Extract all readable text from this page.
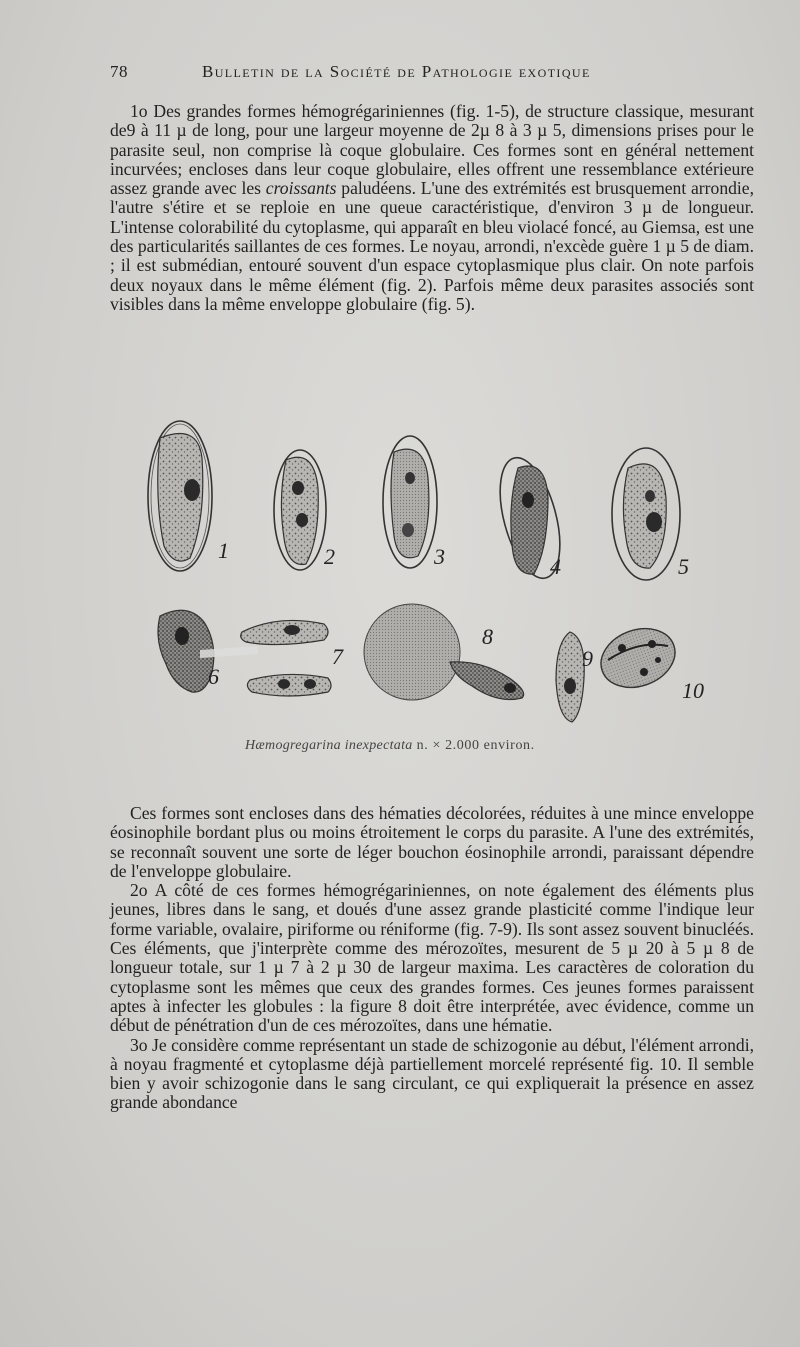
78	Bulletin de la Société de Pathologie exotique

1o Des grandes formes hémogrégariniennes (fig. 1-5), de structure classique, mesurant de9 à 11 µ de long, pour une largeur moyenne de 2µ 8 à 3 µ 5, dimensions prises pour le parasite seul, non comprise là coque globulaire. Ces formes sont en général nettement incurvées; encloses dans leur coque globulaire, elles offrent une ressemblance extérieure assez grande avec les croissants paludéens. L'une des extrémités est brusquement arrondie, l'autre s'étire et se reploie en une queue caractéristique, d'environ 3 µ de longueur. L'intense colorabilité du cytoplasme, qui apparaît en bleu violacé foncé, au Giemsa, est une des particularités saillantes de ces formes. Le noyau, arrondi, n'excède guère 1 µ 5 de diam. ; il est submédian, entouré souvent d'un espace cytoplasmique plus clair. On note parfois deux noyaux dans le même élément (fig. 2). Parfois même deux parasites associés sont visibles dans la même enveloppe globulaire (fig. 5).

1	2	3	4	5
6
7
8
9
10
Hæmogregarina inexpectata n. × 2.000 environ.

Ces formes sont encloses dans des hématies décolorées, réduites à une mince enveloppe éosinophile bordant plus ou moins étroitement le corps du parasite. A l'une des extrémités, se reconnaît souvent une sorte de léger bouchon éosinophile arrondi, paraissant dépendre de l'enveloppe globulaire.

2o A côté de ces formes hémogrégariniennes, on note également des éléments plus jeunes, libres dans le sang, et doués d'une assez grande plasticité comme l'indique leur forme variable, ovalaire, piriforme ou réniforme (fig. 7-9). Ils sont assez souvent binucléés. Ces éléments, que j'interprète comme des mérozoïtes, mesurent de 5 µ 20 à 5 µ 8 de longueur totale, sur 1 µ 7 à 2 µ 30 de largeur maxima. Les caractères de coloration du cytoplasme sont les mêmes que ceux des grandes formes. Ces jeunes formes paraissent aptes à infecter les globules : la figure 8 doit être interprétée, avec évidence, comme un début de pénétration d'un de ces mérozoïtes, dans une hématie.

3o Je considère comme représentant un stade de schizogonie au début, l'élément arrondi, à noyau fragmenté et cytoplasme déjà partiellement morcelé représenté fig. 10. Il semble bien y avoir schizogonie dans le sang circulant, ce qui expliquerait la présence en assez grande abondance
